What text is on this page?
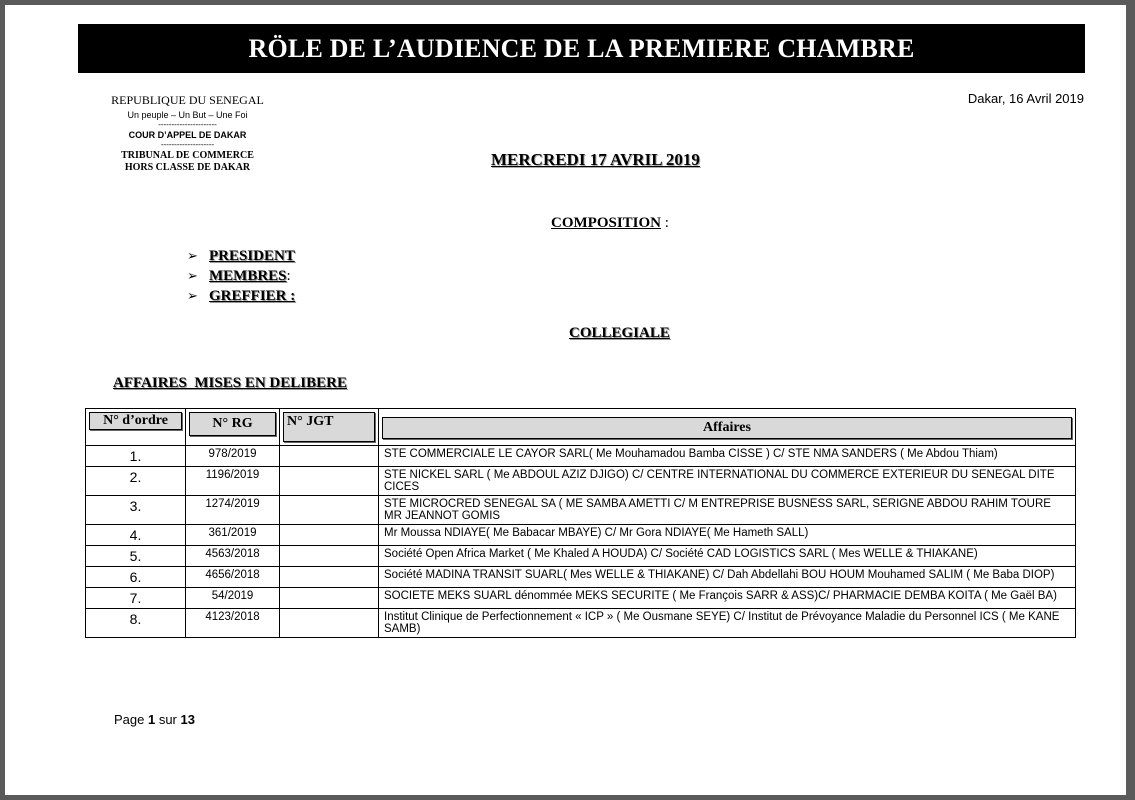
RÖLE DE L’AUDIENCE DE LA PREMIERE CHAMBRE
REPUBLIQUE DU SENEGAL
Un peuple – Un But – Une Foi
----------------------
COUR D’APPEL DE DAKAR
--------------------
TRIBUNAL DE COMMERCE
HORS CLASSE DE DAKAR
Dakar, 16 Avril 2019
MERCREDI 17 AVRIL 2019
COMPOSITION :
➢ PRESIDENT
➢ MEMBRES :
➢ GREFFIER :
COLLEGIALE
AFFAIRES  MISES EN DELIBERE
N° d’ordre	N° RG	N° JGT	Affaires

1.	978/2019		STE COMMERCIALE LE CAYOR SARL( Me Mouhamadou Bamba CISSE ) C/ STE NMA SANDERS ( Me Abdou Thiam)
2.	1196/2019		STE NICKEL SARL ( Me ABDOUL AZIZ DJIGO) C/ CENTRE INTERNATIONAL DU COMMERCE EXTERIEUR DU SENEGAL DITE CICES
3.	1274/2019		STE MICROCRED SENEGAL SA ( ME SAMBA AMETTI C/ M ENTREPRISE BUSNESS SARL, SERIGNE ABDOU RAHIM TOURE MR JEANNOT GOMIS
4.	361/2019		Mr Moussa NDIAYE( Me Babacar MBAYE) C/ Mr Gora NDIAYE( Me Hameth SALL)
5.	4563/2018		Société Open Africa Market ( Me Khaled A HOUDA) C/ Société CAD LOGISTICS SARL ( Mes WELLE & THIAKANE)
6.	4656/2018		Société MADINA TRANSIT SUARL( Mes WELLE & THIAKANE) C/ Dah Abdellahi BOU HOUM Mouhamed SALIM ( Me Baba DIOP)
7.	54/2019		SOCIETE MEKS SUARL dénommée MEKS SECURITE ( Me François SARR & ASS)C/ PHARMACIE DEMBA KOITA ( Me Gaël BA)
8.	4123/2018		Institut Clinique de Perfectionnement « ICP » ( Me Ousmane SEYE) C/ Institut de Prévoyance Maladie du Personnel ICS ( Me KANE SAMB)
Page 1 sur 13
